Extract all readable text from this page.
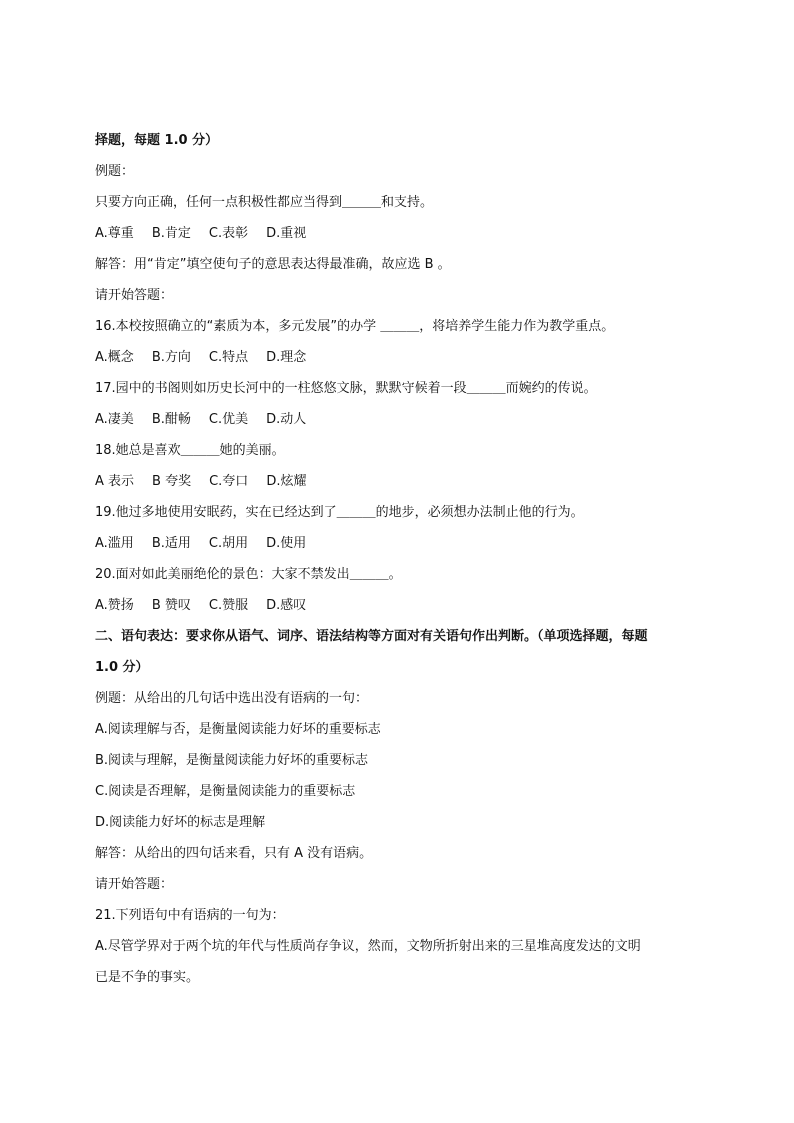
择题，每题 1.0 分）
例题：
只要方向正确，任何一点积极性都应当得到＿＿＿和支持。
A.尊重 B.肯定 C.表彰 D.重视
解答：用“肯定”填空使句子的意思表达得最准确，故应选 B 。
请开始答题：
16.本校按照确立的“素质为本，多元发展”的办学 ＿＿＿，将培养学生能力作为教学重点。
A.概念 B.方向 C.特点 D.理念
17.园中的书阁则如历史长河中的一柱悠悠文脉，默默守候着一段＿＿＿而婉约的传说。
A.凄美 B.酣畅 C.优美 D.动人
18.她总是喜欢＿＿＿她的美丽。
A 表示 B 夸奖 C.夸口 D.炫耀
19.他过多地使用安眠药，实在已经达到了＿＿＿的地步，必须想办法制止他的行为。
A.滥用 B.适用 C.胡用 D.使用
20.面对如此美丽绝伦的景色：大家不禁发出＿＿＿。
A.赞扬 B 赞叹 C.赞服 D.感叹
二、语句表达：要求你从语气、词序、语法结构等方面对有关语句作出判断。（单项选择题，每题
1.0 分）
例题：从给出的几句话中选出没有语病的一句：
A.阅读理解与否，是衡量阅读能力好坏的重要标志
B.阅读与理解，是衡量阅读能力好坏的重要标志
C.阅读是否理解，是衡量阅读能力的重要标志
D.阅读能力好坏的标志是理解
解答：从给出的四句话来看，只有 A 没有语病。
请开始答题：
21.下列语句中有语病的一句为：
A.尽管学界对于两个坑的年代与性质尚存争议，然而，文物所折射出来的三星堆高度发达的文明
已是不争的事实。
